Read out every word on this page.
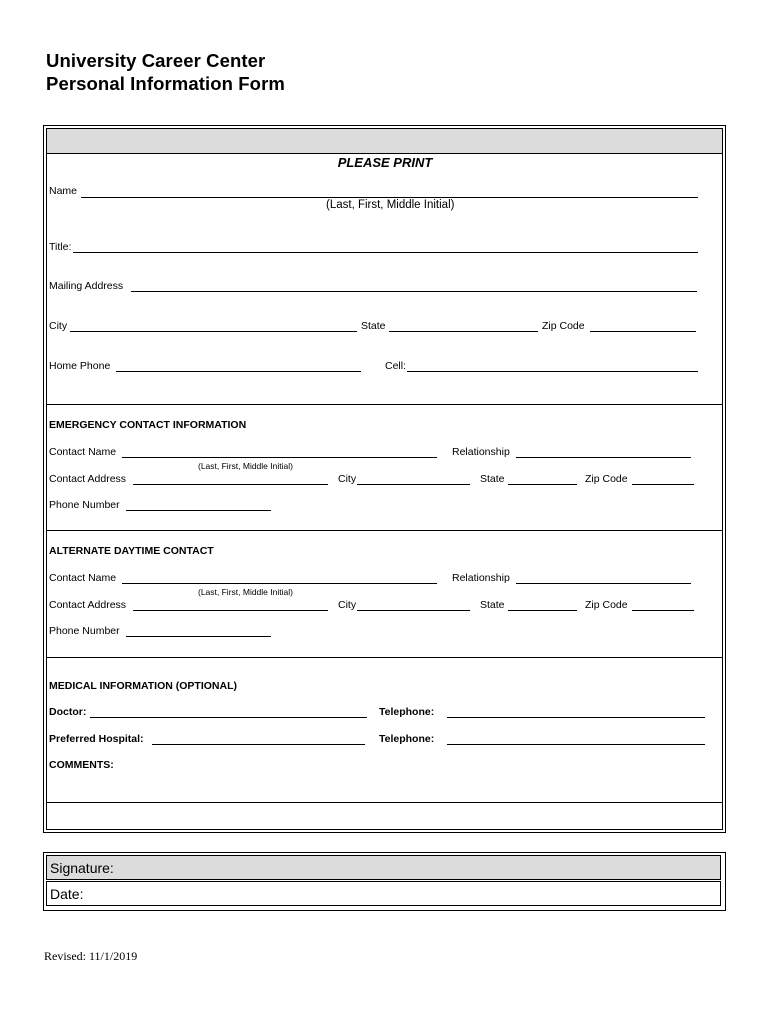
University Career Center
Personal Information Form
PLEASE PRINT
Name
(Last, First, Middle Initial)
Title:
Mailing Address
City	State	Zip Code
Home Phone	Cell:
EMERGENCY CONTACT INFORMATION
Contact Name	Relationship
(Last, First, Middle Initial)
Contact Address	City	State	Zip Code
Phone Number
ALTERNATE DAYTIME CONTACT
Contact Name	Relationship
(Last, First, Middle Initial)
Contact Address	City	State	Zip Code
Phone Number
MEDICAL INFORMATION (OPTIONAL)
Doctor:	Telephone:
Preferred Hospital:	Telephone:
COMMENTS:
Signature:
Date:
Revised: 11/1/2019
